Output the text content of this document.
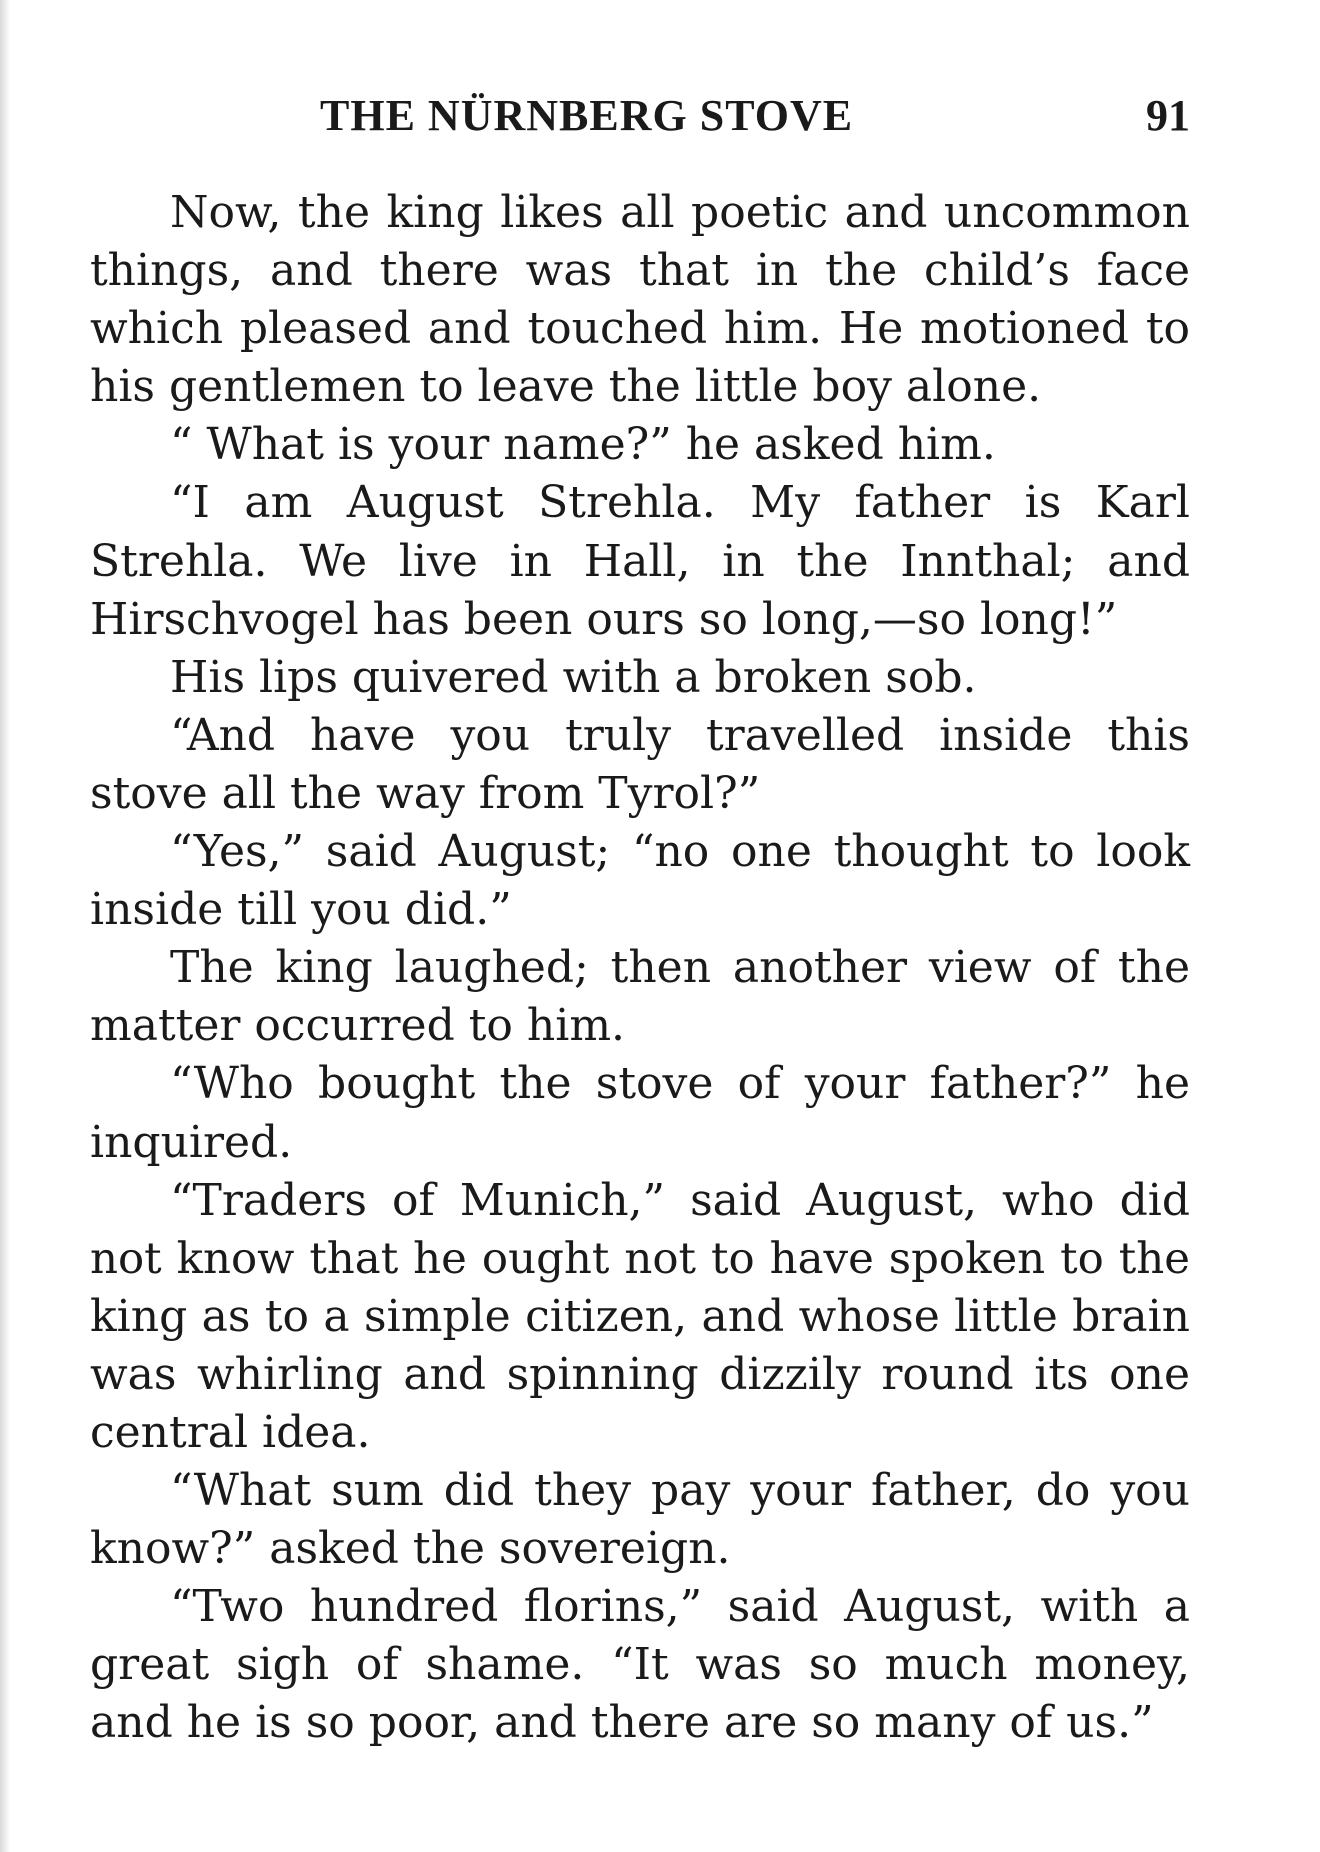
THE NÜRNBERG STOVE	91
Now, the king likes all poetic and uncommon
things, and there was that in the child’s face
which pleased and touched him. He motioned to
his gentlemen to leave the little boy alone.
“ What is your name?” he asked him.
“I am August Strehla. My father is Karl
Strehla. We live in Hall, in the Innthal; and
Hirschvogel has been ours so long,—so long!”
His lips quivered with a broken sob.
“And have you truly travelled inside this
stove all the way from Tyrol?”
“Yes,” said August; “no one thought to look
inside till you did.”
The king laughed; then another view of the
matter occurred to him.
“Who bought the stove of your father?” he
inquired.
“Traders of Munich,” said August, who did
not know that he ought not to have spoken to the
king as to a simple citizen, and whose little brain
was whirling and spinning dizzily round its one
central idea.
“What sum did they pay your father, do you
know?” asked the sovereign.
“Two hundred florins,” said August, with a
great sigh of shame. “It was so much money,
and he is so poor, and there are so many of us.”
